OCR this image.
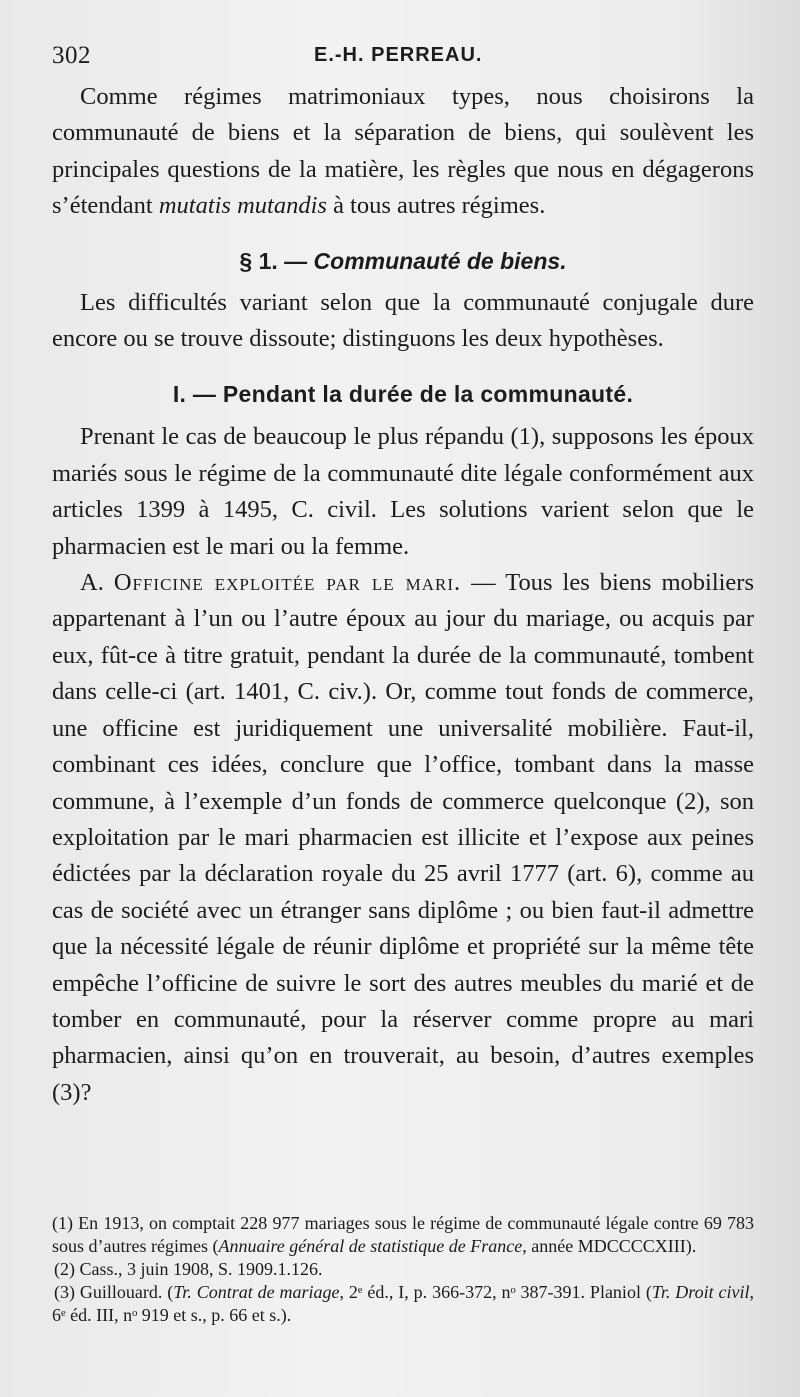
302	E.-H. PERREAU.

Comme régimes matrimoniaux types, nous choisirons la communauté de biens et la séparation de biens, qui soulèvent les principales questions de la matière, les règles que nous en dégagerons s’étendant mutatis mutandis à tous autres régimes.

§ 1. — Communauté de biens.

Les difficultés variant selon que la communauté conjugale dure encore ou se trouve dissoute; distinguons les deux hypothèses.

I. — Pendant la durée de la communauté.

Prenant le cas de beaucoup le plus répandu (1), supposons les époux mariés sous le régime de la communauté dite légale conformément aux articles 1399 à 1495, C. civil. Les solutions varient selon que le pharmacien est le mari ou la femme.

A. Officine exploitée par le mari. — Tous les biens mobiliers appartenant à l’un ou l’autre époux au jour du mariage, ou acquis par eux, fût-ce à titre gratuit, pendant la durée de la communauté, tombent dans celle-ci (art. 1401, C. civ.). Or, comme tout fonds de commerce, une officine est juridiquement une universalité mobilière. Faut-il, combinant ces idées, conclure que l’office, tombant dans la masse commune, à l’exemple d’un fonds de commerce quelconque (2), son exploitation par le mari pharmacien est illicite et l’expose aux peines édictées par la déclaration royale du 25 avril 1777 (art. 6), comme au cas de société avec un étranger sans diplôme ; ou bien faut-il admettre que la nécessité légale de réunir diplôme et propriété sur la même tête empêche l’officine de suivre le sort des autres meubles du marié et de tomber en communauté, pour la réserver comme propre au mari pharmacien, ainsi qu’on en trouverait, au besoin, d’autres exemples (3)?

(1) En 1913, on comptait 228 977 mariages sous le régime de communauté légale contre 69 783 sous d’autres régimes (Annuaire général de statistique de France, année MDCCCCXIII).

(2) Cass., 3 juin 1908, S. 1909.1.126.

(3) Guillouard. (Tr. Contrat de mariage, 2ᵉ éd., I, p. 366-372, nᵒ 387-391. Planiol (Tr. Droit civil, 6ᵉ éd. III, nᵒ 919 et s., p. 66 et s.).
